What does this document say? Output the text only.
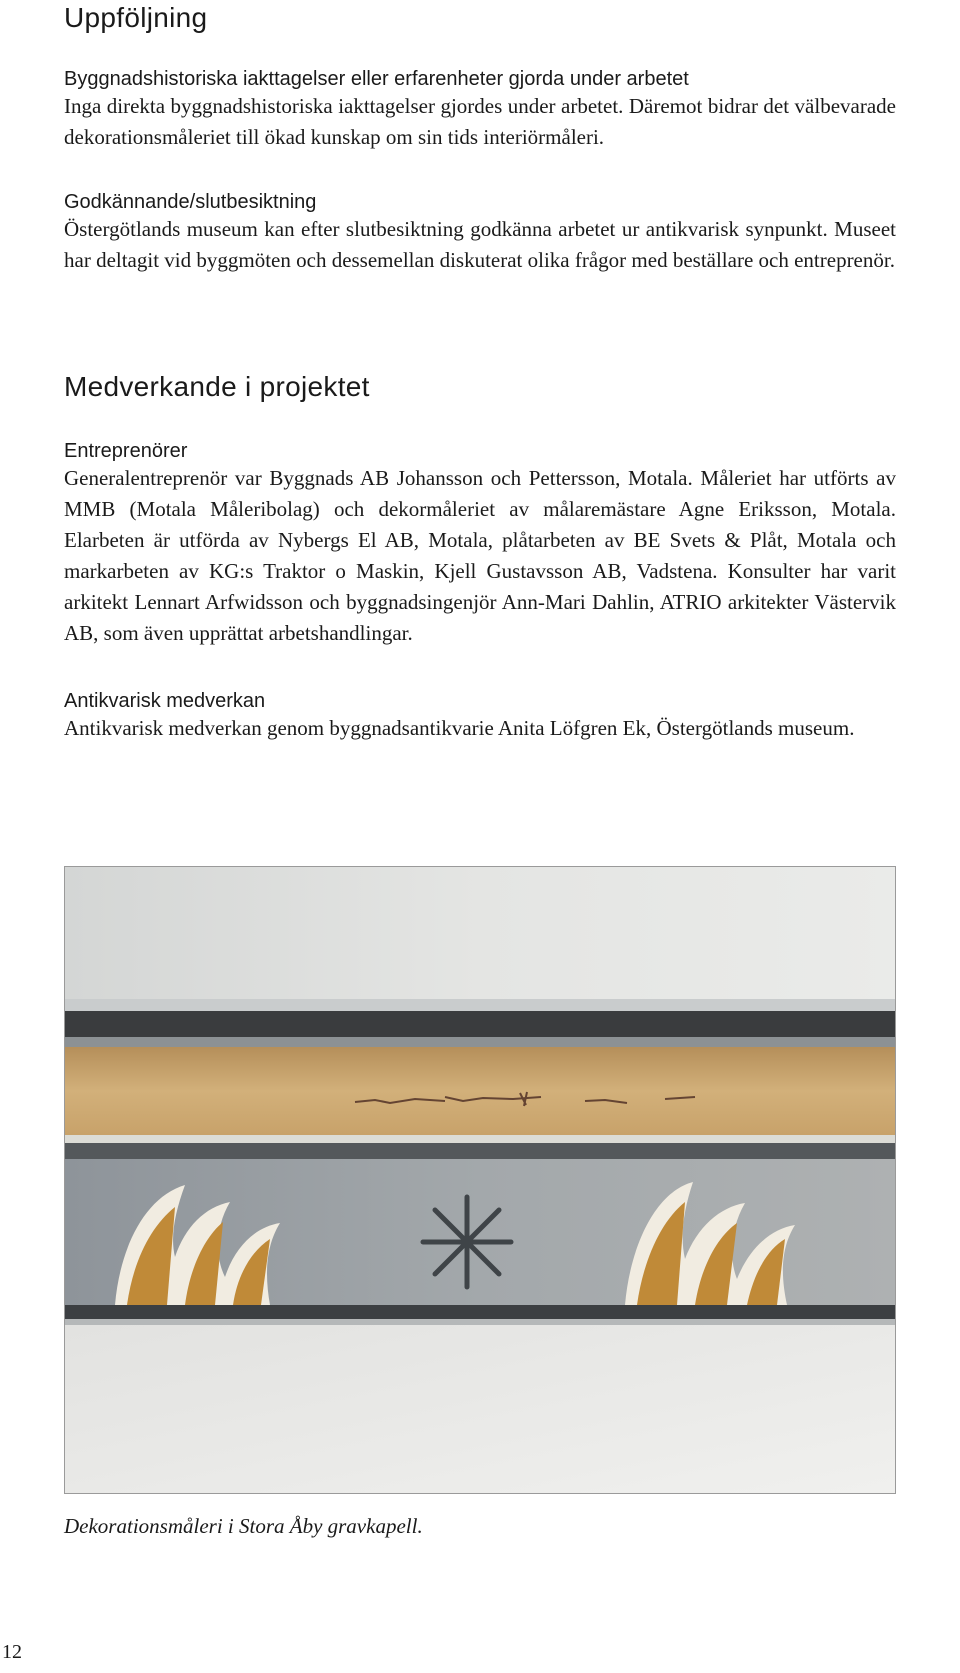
Uppföljning
Byggnadshistoriska iakttagelser eller erfarenheter gjorda under arbetet

Inga direkta byggnadshistoriska iakttagelser gjordes under arbetet. Däremot bidrar det välbevarade dekorationsmåleriet till ökad kunskap om sin tids interiörmåleri.

Godkännande/slutbesiktning

Östergötlands museum kan efter slutbesiktning godkänna arbetet ur antikvarisk synpunkt. Museet har deltagit vid byggmöten och dessemellan diskuterat olika frågor med beställare och entreprenör.

Medverkande i projektet
Entreprenörer

Generalentreprenör var Byggnads AB Johansson och Pettersson, Motala. Måleriet har utförts av MMB (Motala Måleribolag) och dekormåleriet av målaremästare Agne Eriksson, Motala. Elarbeten är utförda av Nybergs El AB, Motala, plåtarbeten av BE Svets & Plåt, Motala och markarbeten av KG:s Traktor o Maskin, Kjell Gustavsson AB, Vadstena. Konsulter har varit arkitekt Lennart Arfwidsson och byggnadsingenjör Ann-Mari Dahlin, ATRIO arkitekter Västervik AB, som även upprättat arbetshandlingar.

Antikvarisk medverkan

Antikvarisk medverkan genom byggnadsantikvarie Anita Löfgren Ek, Östergötlands museum.

Dekorationsmåleri i Stora Åby gravkapell.

12
